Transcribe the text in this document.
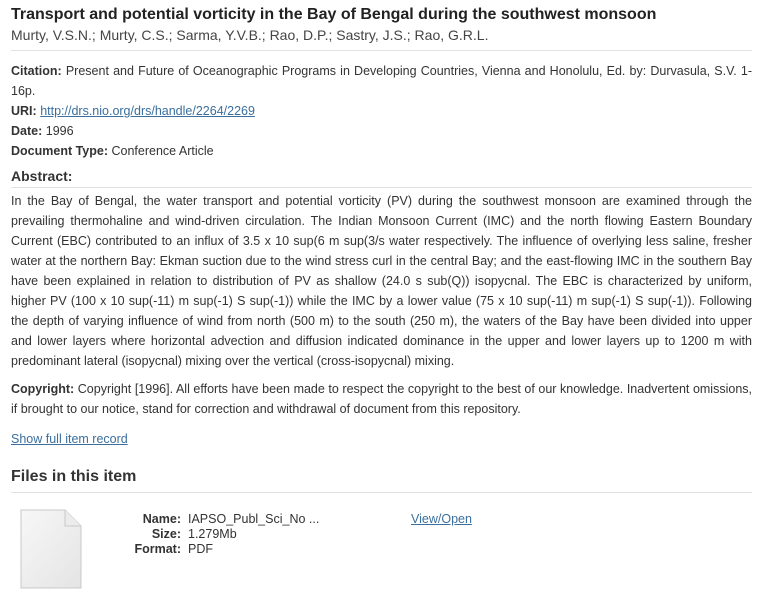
Transport and potential vorticity in the Bay of Bengal during the southwest monsoon
Murty, V.S.N.; Murty, C.S.; Sarma, Y.V.B.; Rao, D.P.; Sastry, J.S.; Rao, G.R.L.
Citation: Present and Future of Oceanographic Programs in Developing Countries, Vienna and Honolulu, Ed. by: Durvasula, S.V. 1-16p.
URI: http://drs.nio.org/drs/handle/2264/2269
Date: 1996
Document Type: Conference Article
Abstract:
In the Bay of Bengal, the water transport and potential vorticity (PV) during the southwest monsoon are examined through the prevailing thermohaline and wind-driven circulation. The Indian Monsoon Current (IMC) and the north flowing Eastern Boundary Current (EBC) contributed to an influx of 3.5 x 10 sup(6 m sup(3/s water respectively. The influence of overlying less saline, fresher water at the northern Bay: Ekman suction due to the wind stress curl in the central Bay; and the east-flowing IMC in the southern Bay have been explained in relation to distribution of PV as shallow (24.0 s sub(Q)) isopycnal. The EBC is characterized by uniform, higher PV (100 x 10 sup(-11) m sup(-1) S sup(-1)) while the IMC by a lower value (75 x 10 sup(-11) m sup(-1) S sup(-1)). Following the depth of varying influence of wind from north (500 m) to the south (250 m), the waters of the Bay have been divided into upper and lower layers where horizontal advection and diffusion indicated dominance in the upper and lower layers up to 1200 m with predominant lateral (isopycnal) mixing over the vertical (cross-isopycnal) mixing.
Copyright: Copyright [1996]. All efforts have been made to respect the copyright to the best of our knowledge. Inadvertent omissions, if brought to our notice, stand for correction and withdrawal of document from this repository.
Show full item record
Files in this item
Name: IAPSO_Publ_Sci_No ...
Size: 1.279Mb
Format: PDF
View/Open
